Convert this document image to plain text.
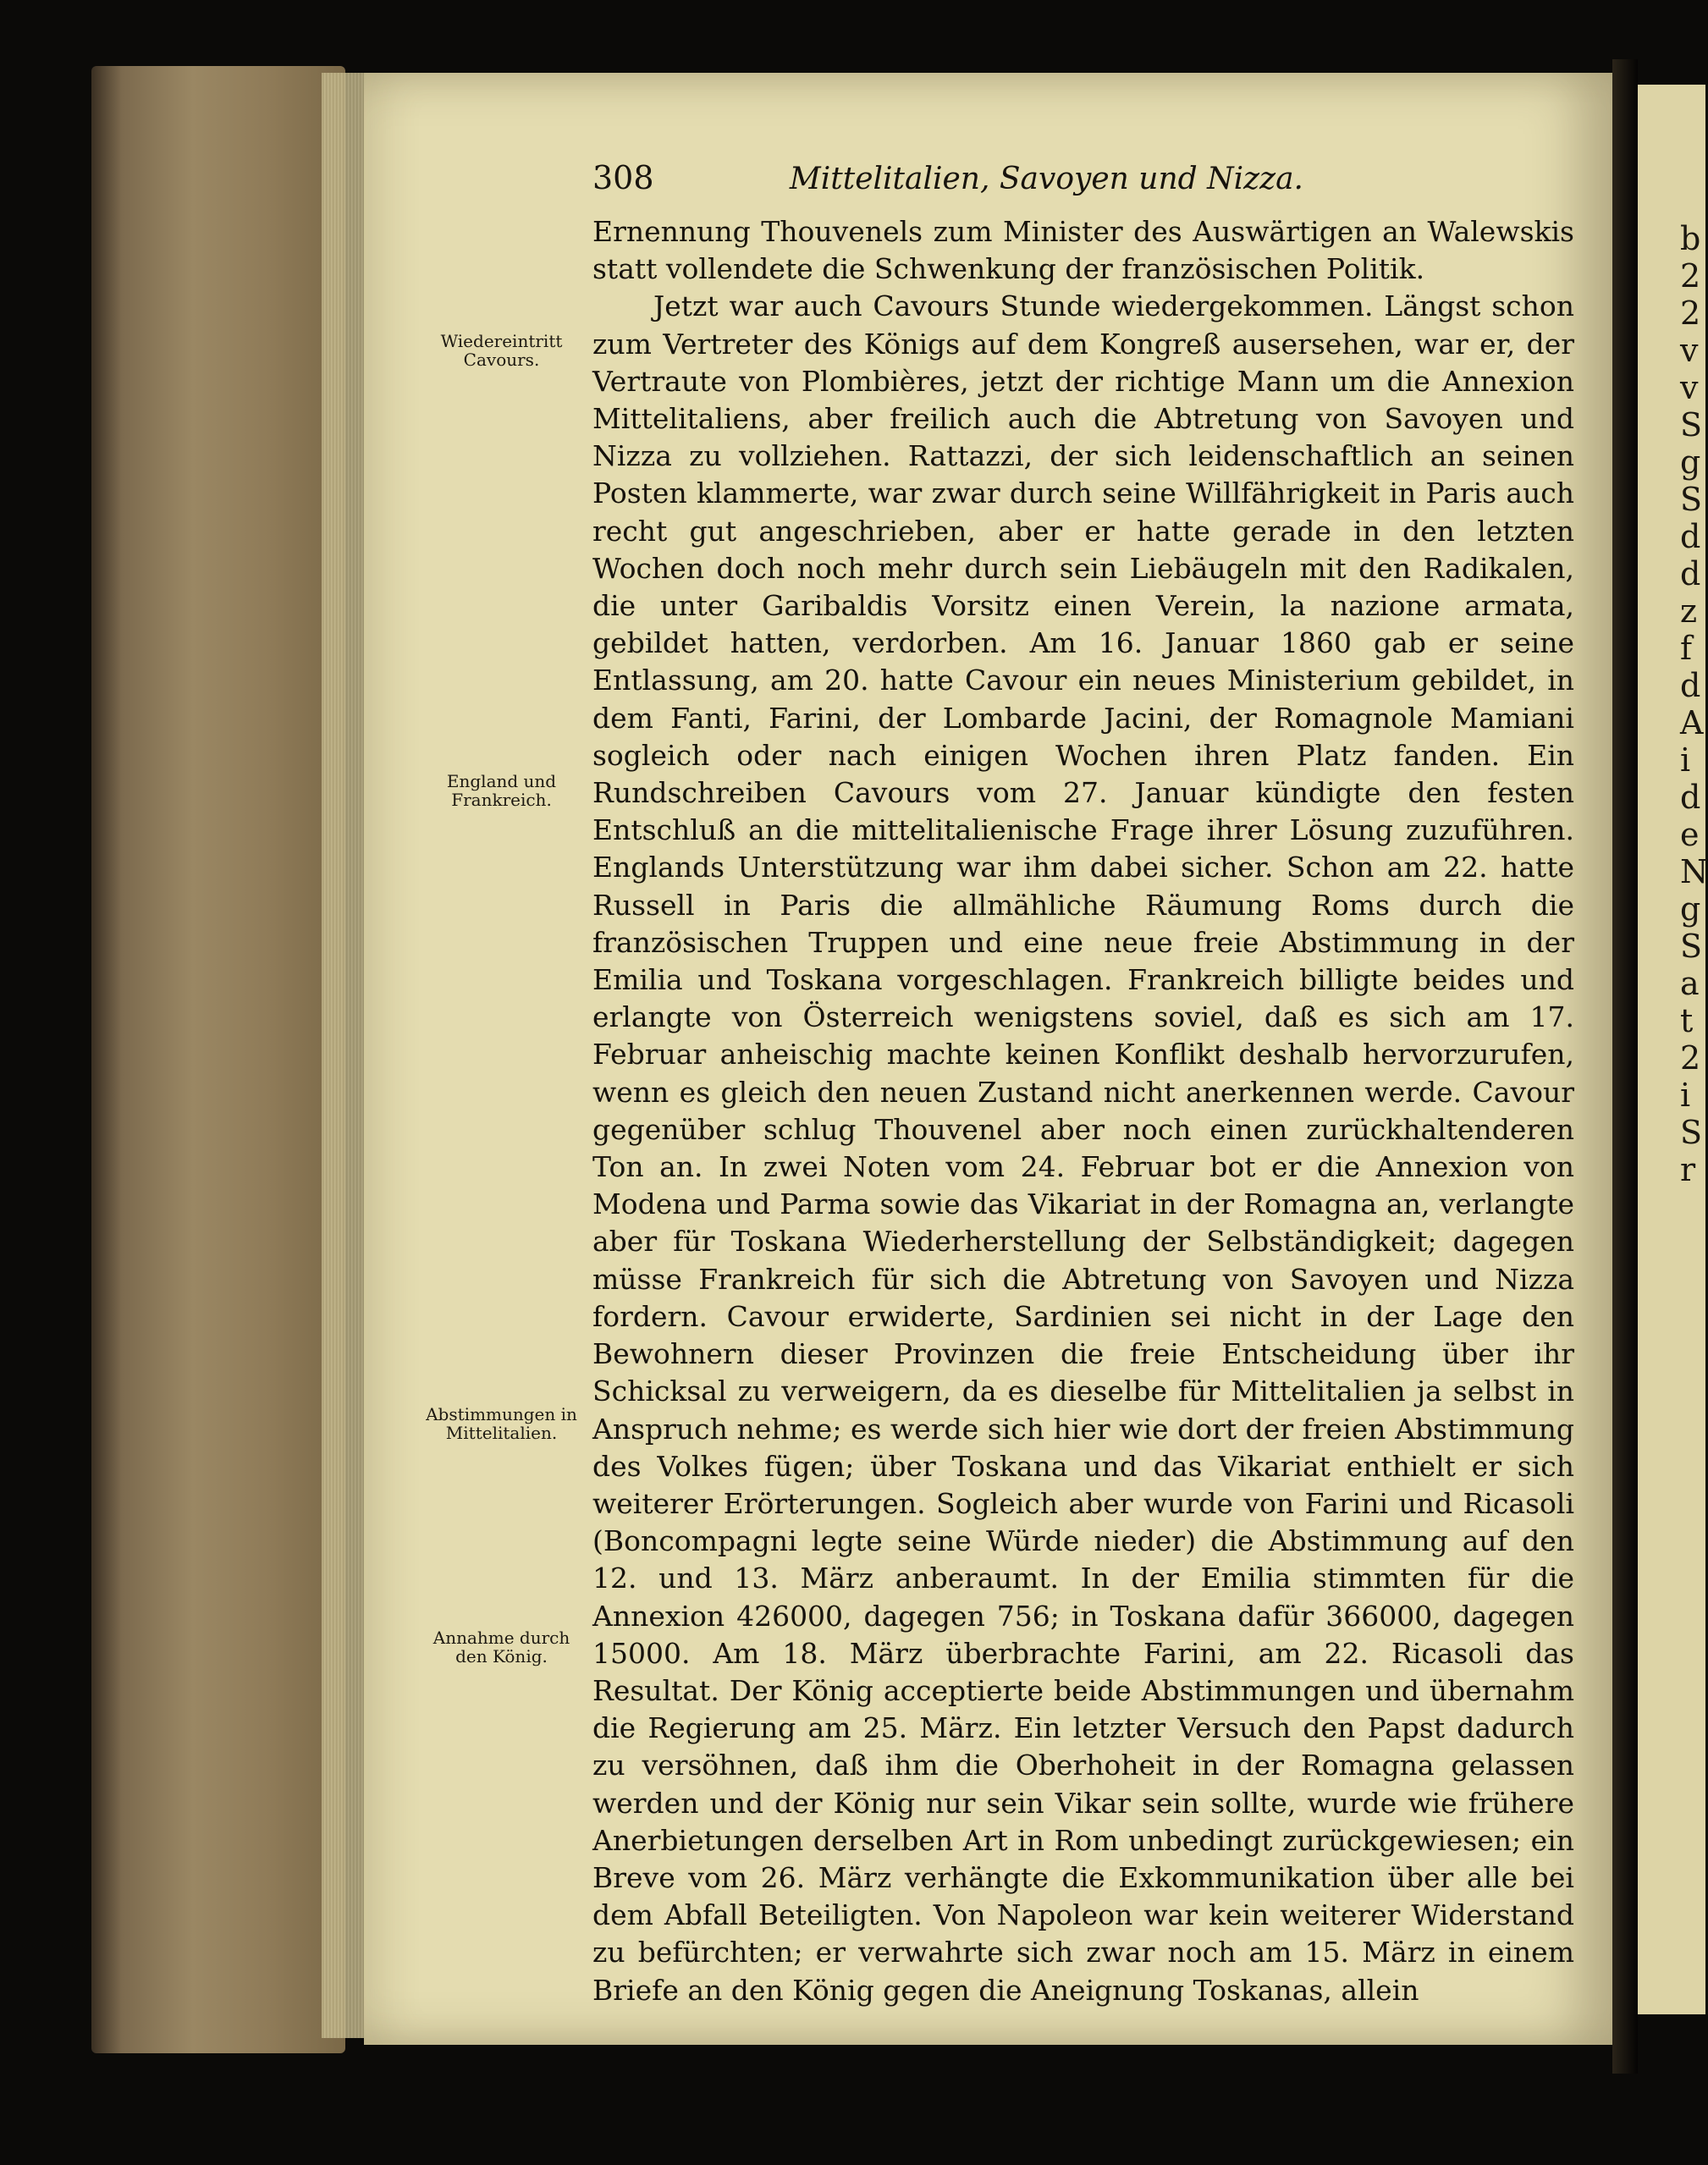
b
2
2
v
v
S
g
S
d
d
z
f
d
A
i
d
e
N
g
S
a
t
2
i
S
r
308	Mittelitalien, Savoyen und Nizza.
Wiedereintritt Cavours.
England und Frankreich.
Abstimmungen in Mittelitalien.
Annahme durch den König.

Ernennung Thouvenels zum Minister des Auswärtigen an Walewskis statt vollendete die Schwenkung der französischen Politik.

Jetzt war auch Cavours Stunde wiedergekommen. Längst schon zum Vertreter des Königs auf dem Kongreß ausersehen, war er, der Vertraute von Plombières, jetzt der richtige Mann um die Annexion Mittelitaliens, aber freilich auch die Abtretung von Savoyen und Nizza zu vollziehen. Rattazzi, der sich leidenschaftlich an seinen Posten klammerte, war zwar durch seine Willfährigkeit in Paris auch recht gut angeschrieben, aber er hatte gerade in den letzten Wochen doch noch mehr durch sein Liebäugeln mit den Radikalen, die unter Garibaldis Vorsitz einen Verein, la nazione armata, gebildet hatten, verdorben. Am 16. Januar 1860 gab er seine Entlassung, am 20. hatte Cavour ein neues Ministerium gebildet, in dem Fanti, Farini, der Lombarde Jacini, der Romagnole Mamiani sogleich oder nach einigen Wochen ihren Platz fanden. Ein Rundschreiben Cavours vom 27. Januar kündigte den festen Entschluß an die mittelitalienische Frage ihrer Lösung zuzuführen. Englands Unterstützung war ihm dabei sicher. Schon am 22. hatte Russell in Paris die allmähliche Räumung Roms durch die französischen Truppen und eine neue freie Abstimmung in der Emilia und Toskana vorgeschlagen. Frankreich billigte beides und erlangte von Österreich wenigstens soviel, daß es sich am 17. Februar anheischig machte keinen Konflikt deshalb hervorzurufen, wenn es gleich den neuen Zustand nicht anerkennen werde. Cavour gegenüber schlug Thouvenel aber noch einen zurückhaltenderen Ton an. In zwei Noten vom 24. Februar bot er die Annexion von Modena und Parma sowie das Vikariat in der Romagna an, verlangte aber für Toskana Wiederherstellung der Selbständigkeit; dagegen müsse Frankreich für sich die Abtretung von Savoyen und Nizza fordern. Cavour erwiderte, Sardinien sei nicht in der Lage den Bewohnern dieser Provinzen die freie Entscheidung über ihr Schicksal zu verweigern, da es dieselbe für Mittelitalien ja selbst in Anspruch nehme; es werde sich hier wie dort der freien Abstimmung des Volkes fügen; über Toskana und das Vikariat enthielt er sich weiterer Erörterungen. Sogleich aber wurde von Farini und Ricasoli (Boncompagni legte seine Würde nieder) die Abstimmung auf den 12. und 13. März anberaumt. In der Emilia stimmten für die Annexion 426000, dagegen 756; in Toskana dafür 366000, dagegen 15000. Am 18. März überbrachte Farini, am 22. Ricasoli das Resultat. Der König acceptierte beide Abstimmungen und übernahm die Regierung am 25. März. Ein letzter Versuch den Papst dadurch zu versöhnen, daß ihm die Oberhoheit in der Romagna gelassen werden und der König nur sein Vikar sein sollte, wurde wie frühere Anerbietungen derselben Art in Rom unbedingt zurückgewiesen; ein Breve vom 26. März verhängte die Exkommunikation über alle bei dem Abfall Beteiligten. Von Napoleon war kein weiterer Widerstand zu befürchten; er verwahrte sich zwar noch am 15. März in einem Briefe an den König gegen die Aneignung Toskanas, allein
